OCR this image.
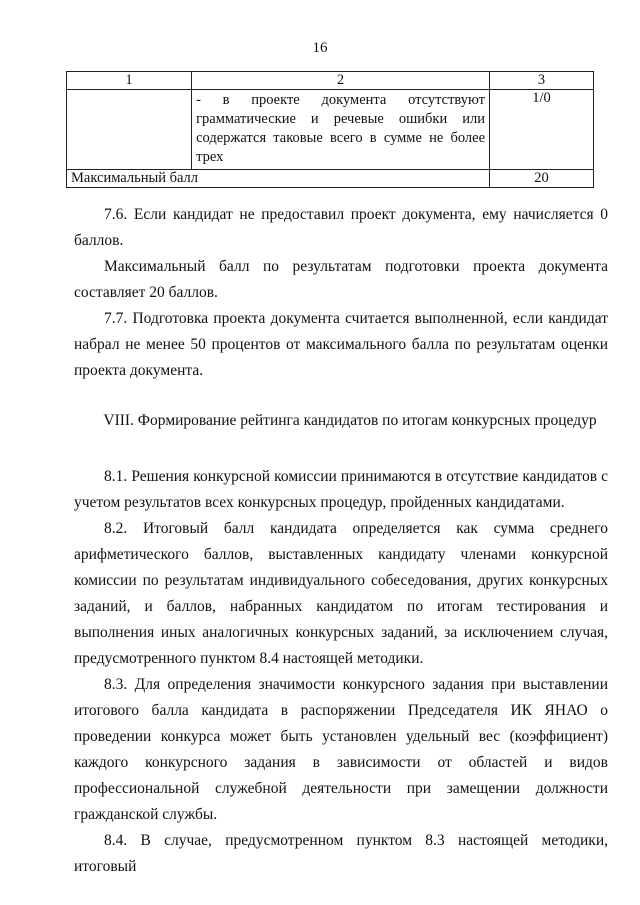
16
1	2	3
	- в проекте документа отсутствуют грамматические и речевые ошибки или содержатся таковые всего в сумме не более трех	1/0
Максимальный балл		20

7.6. Если кандидат не предоставил проект документа, ему начисляется 0 баллов.

Максимальный балл по результатам подготовки проекта документа составляет 20 баллов.

7.7. Подготовка проекта документа считается выполненной, если кандидат набрал не менее 50 процентов от максимального балла по результатам оценки проекта документа.

VIII. Формирование рейтинга кандидатов по итогам конкурсных процедур

8.1. Решения конкурсной комиссии принимаются в отсутствие кандидатов с учетом результатов всех конкурсных процедур, пройденных кандидатами.

8.2. Итоговый балл кандидата определяется как сумма среднего арифметического баллов, выставленных кандидату членами конкурсной комиссии по результатам индивидуального собеседования, других конкурсных заданий, и баллов, набранных кандидатом по итогам тестирования и выполнения иных аналогичных конкурсных заданий, за исключением случая, предусмотренного пунктом 8.4 настоящей методики.

8.3. Для определения значимости конкурсного задания при выставлении итогового балла кандидата в распоряжении Председателя ИК ЯНАО о проведении конкурса может быть установлен удельный вес (коэффициент) каждого конкурсного задания в зависимости от областей и видов профессиональной служебной деятельности при замещении должности гражданской службы.

8.4. В случае, предусмотренном пунктом 8.3 настоящей методики, итоговый
